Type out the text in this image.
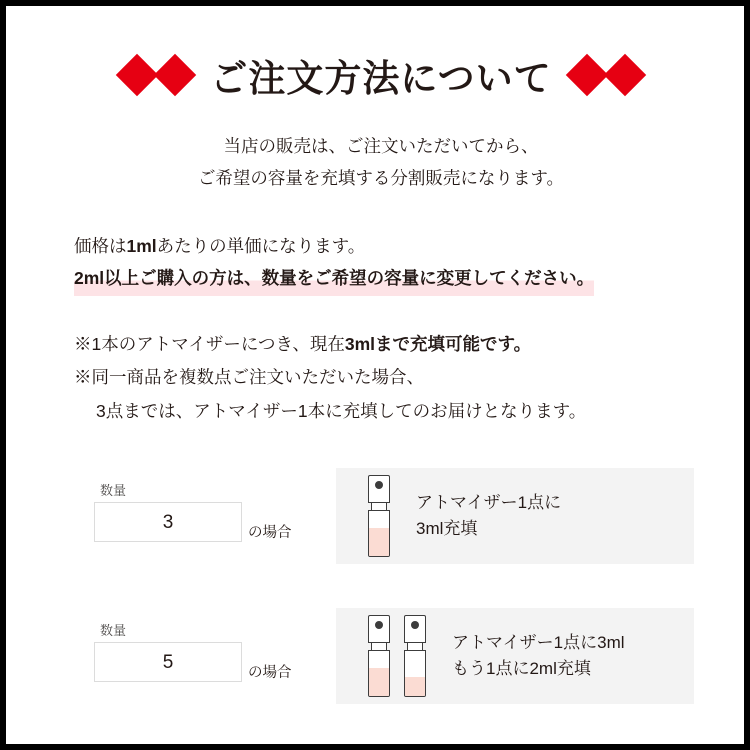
ご注文方法について
当店の販売は、ご注文いただいてから、
ご希望の容量を充填する分割販売になります。
価格は1mlあたりの単価になります。
2ml以上ご購入の方は、数量をご希望の容量に変更してください。
※1本のアトマイザーにつき、現在3mlまで充填可能です。
※同一商品を複数点ご注文いただいた場合、
3点までは、アトマイザー1本に充填してのお届けとなります。
数量
3	の場合
アトマイザー1点に
3ml充填
数量
5	の場合
アトマイザー1点に3ml
もう1点に2ml充填
